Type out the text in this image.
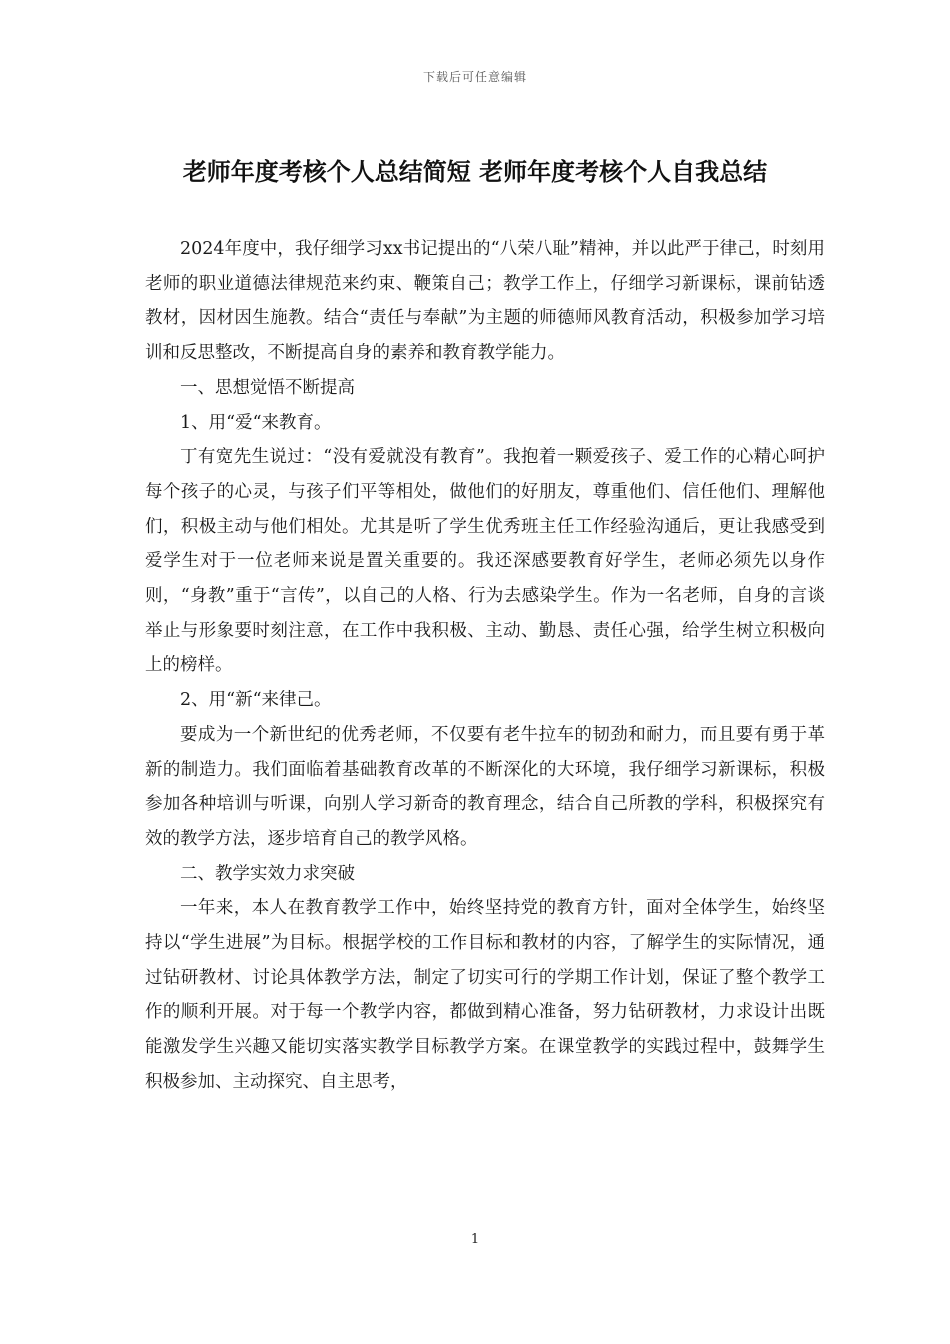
下载后可任意编辑
老师年度考核个人总结简短 老师年度考核个人自我总结

2024年度中，我仔细学习xx书记提出的“八荣八耻”精神，并以此严于律己，时刻用老师的职业道德法律规范来约束、鞭策自己；教学工作上，仔细学习新课标，课前钻透教材，因材因生施教。结合“责任与奉献”为主题的师德师风教育活动，积极参加学习培训和反思整改，不断提高自身的素养和教育教学能力。

一、思想觉悟不断提高

1、用“爱“来教育。

丁有宽先生说过：“没有爱就没有教育”。我抱着一颗爱孩子、爱工作的心精心呵护每个孩子的心灵，与孩子们平等相处，做他们的好朋友，尊重他们、信任他们、理解他们，积极主动与他们相处。尤其是听了学生优秀班主任工作经验沟通后，更让我感受到爱学生对于一位老师来说是置关重要的。我还深感要教育好学生，老师必须先以身作则，“身教”重于“言传”，以自己的人格、行为去感染学生。作为一名老师，自身的言谈举止与形象要时刻注意，在工作中我积极、主动、勤恳、责任心强，给学生树立积极向上的榜样。

2、用“新“来律己。

要成为一个新世纪的优秀老师，不仅要有老牛拉车的韧劲和耐力，而且要有勇于革新的制造力。我们面临着基础教育改革的不断深化的大环境，我仔细学习新课标，积极参加各种培训与听课，向别人学习新奇的教育理念，结合自己所教的学科，积极探究有效的教学方法，逐步培育自己的教学风格。

二、教学实效力求突破

一年来，本人在教育教学工作中，始终坚持党的教育方针，面对全体学生，始终坚持以“学生进展”为目标。根据学校的工作目标和教材的内容，了解学生的实际情况，通过钻研教材、讨论具体教学方法，制定了切实可行的学期工作计划，保证了整个教学工作的顺利开展。对于每一个教学内容，都做到精心准备，努力钻研教材，力求设计出既能激发学生兴趣又能切实落实教学目标教学方案。在课堂教学的实践过程中，鼓舞学生积极参加、主动探究、自主思考，

1
